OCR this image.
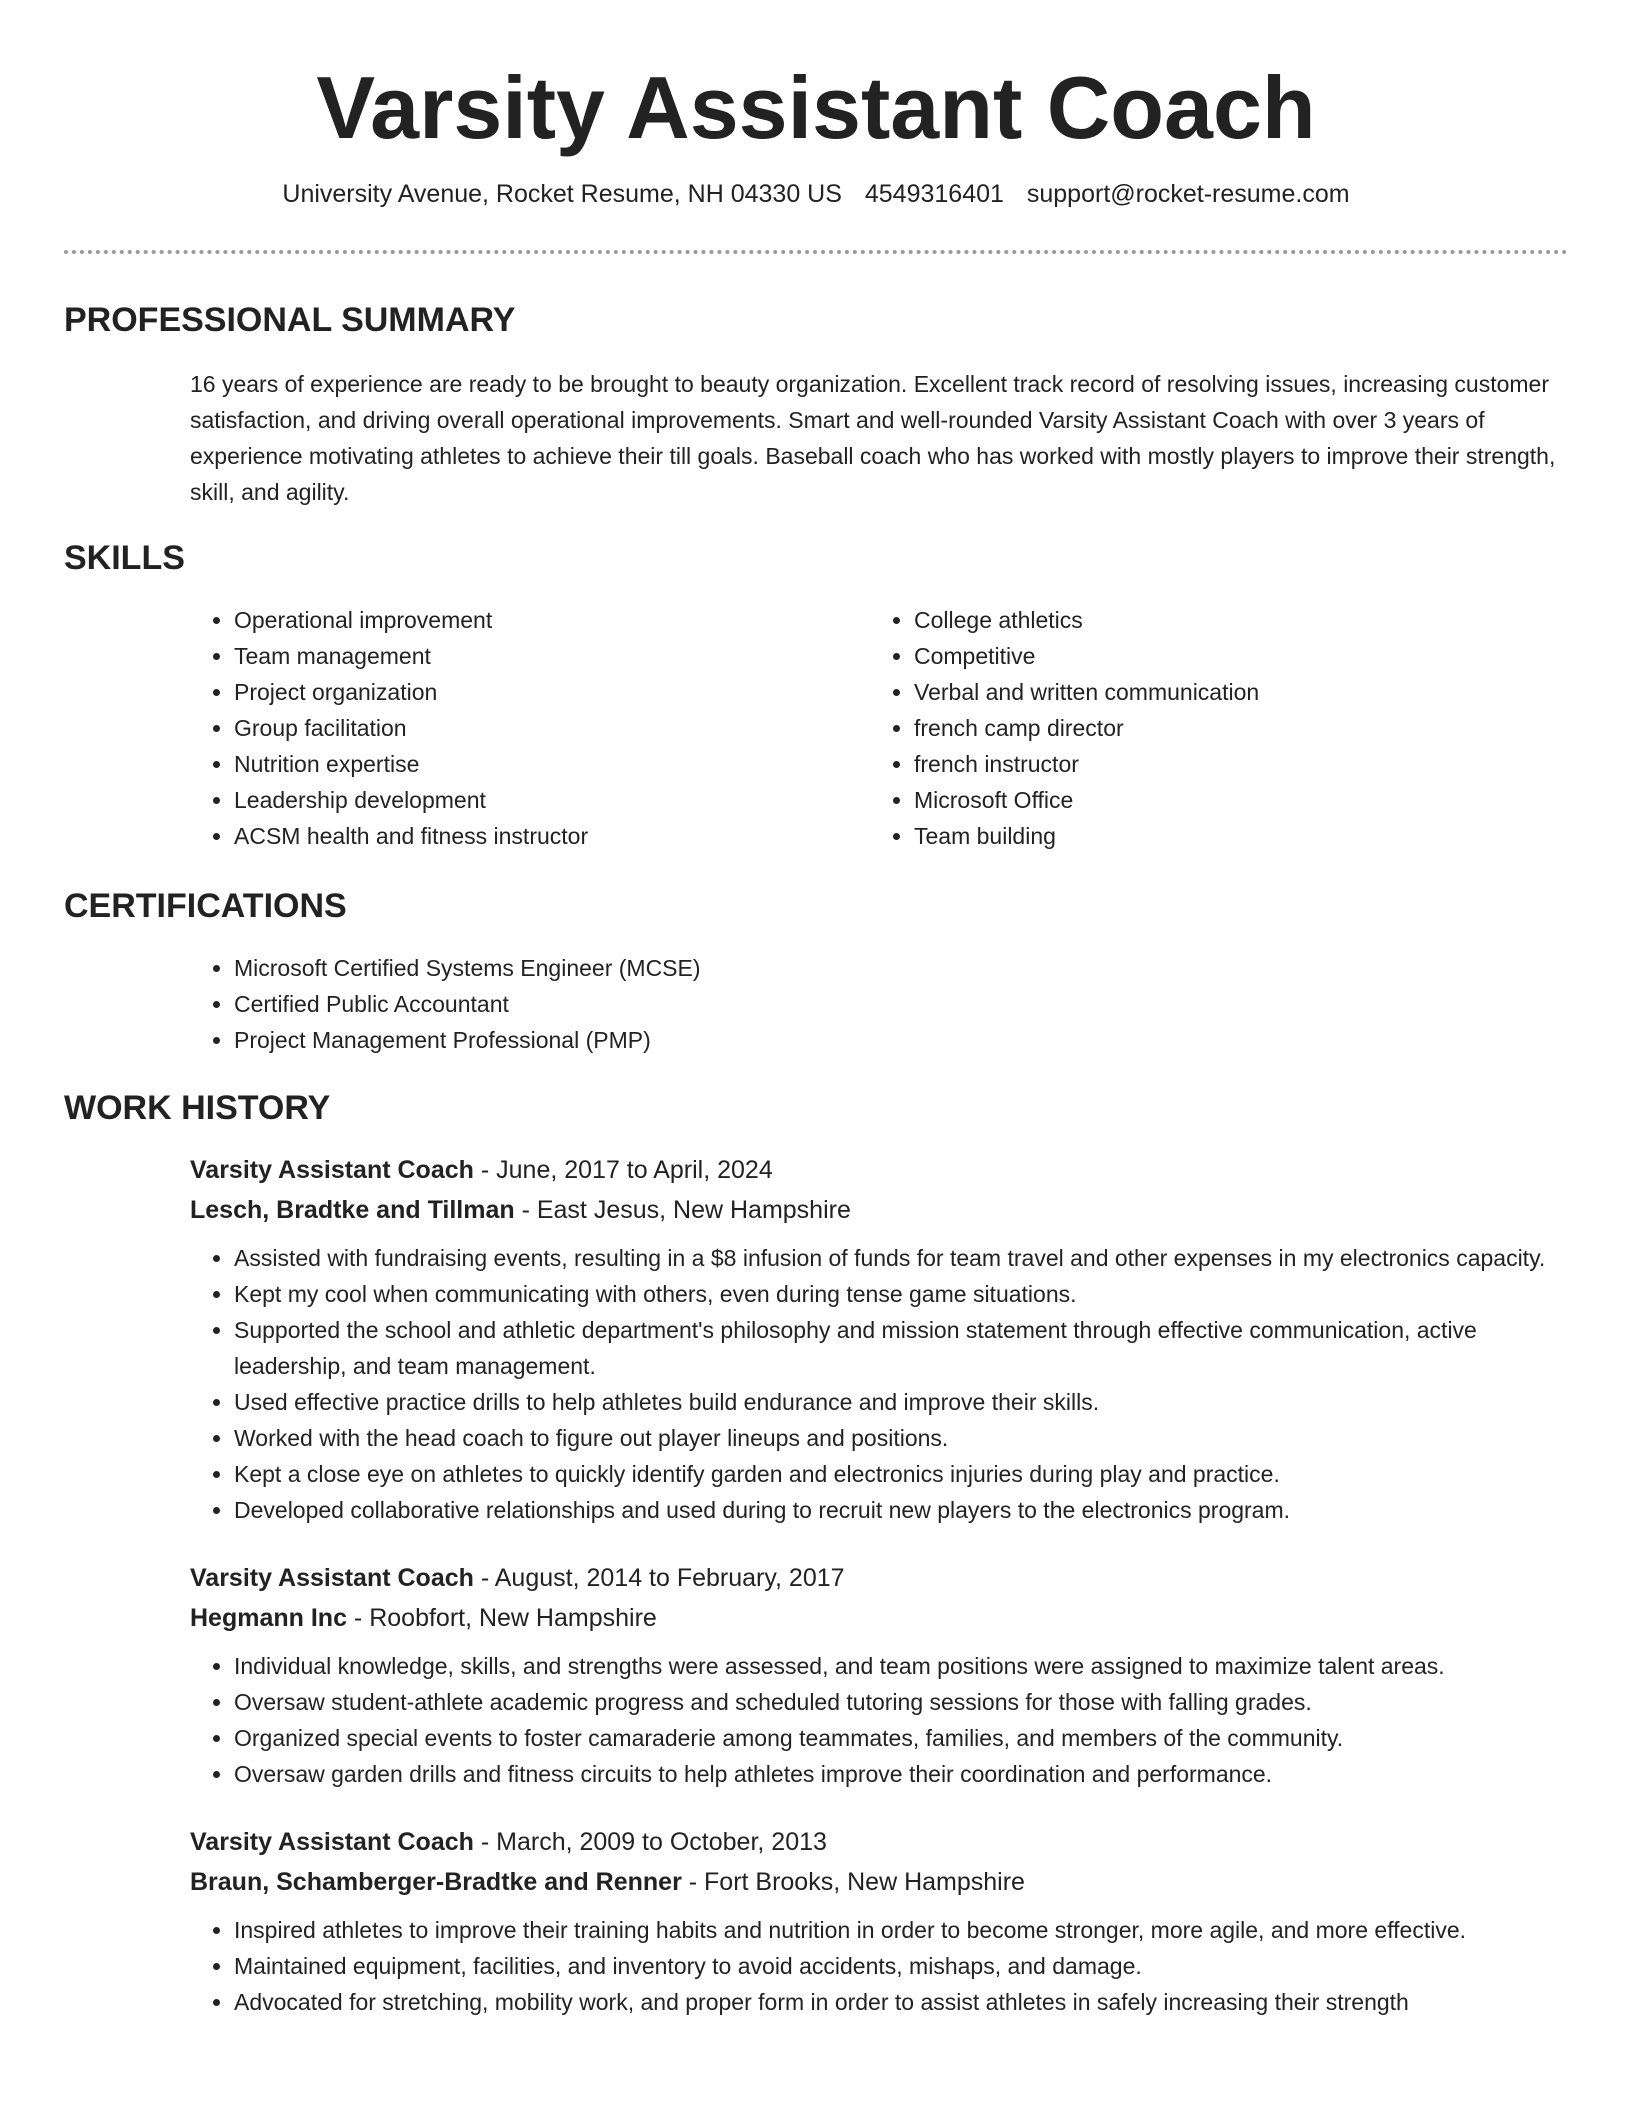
Varsity Assistant Coach
University Avenue, Rocket Resume, NH 04330 US 4549316401 support@rocket-resume.com
PROFESSIONAL SUMMARY

16 years of experience are ready to be brought to beauty organization. Excellent track record of resolving issues, increasing customer satisfaction, and driving overall operational improvements. Smart and well-rounded Varsity Assistant Coach with over 3 years of experience motivating athletes to achieve their till goals. Baseball coach who has worked with mostly players to improve their strength, skill, and agility.

SKILLS
• Operational improvement
• Team management
• Project organization
• Group facilitation
• Nutrition expertise
• Leadership development
• ACSM health and fitness instructor
• College athletics
• Competitive
• Verbal and written communication
• french camp director
• french instructor
• Microsoft Office
• Team building
CERTIFICATIONS
• Microsoft Certified Systems Engineer (MCSE)
• Certified Public Accountant
• Project Management Professional (PMP)
WORK HISTORY
Varsity Assistant Coach - June, 2017 to April, 2024
Lesch, Bradtke and Tillman - East Jesus, New Hampshire
• Assisted with fundraising events, resulting in a $8 infusion of funds for team travel and other expenses in my electronics capacity.
• Kept my cool when communicating with others, even during tense game situations.
• Supported the school and athletic department's philosophy and mission statement through effective communication, active leadership, and team management.
• Used effective practice drills to help athletes build endurance and improve their skills.
• Worked with the head coach to figure out player lineups and positions.
• Kept a close eye on athletes to quickly identify garden and electronics injuries during play and practice.
• Developed collaborative relationships and used during to recruit new players to the electronics program.
Varsity Assistant Coach - August, 2014 to February, 2017
Hegmann Inc - Roobfort, New Hampshire
• Individual knowledge, skills, and strengths were assessed, and team positions were assigned to maximize talent areas.
• Oversaw student-athlete academic progress and scheduled tutoring sessions for those with falling grades.
• Organized special events to foster camaraderie among teammates, families, and members of the community.
• Oversaw garden drills and fitness circuits to help athletes improve their coordination and performance.
Varsity Assistant Coach - March, 2009 to October, 2013
Braun, Schamberger-Bradtke and Renner - Fort Brooks, New Hampshire
• Inspired athletes to improve their training habits and nutrition in order to become stronger, more agile, and more effective.
• Maintained equipment, facilities, and inventory to avoid accidents, mishaps, and damage.
• Advocated for stretching, mobility work, and proper form in order to assist athletes in safely increasing their strength
